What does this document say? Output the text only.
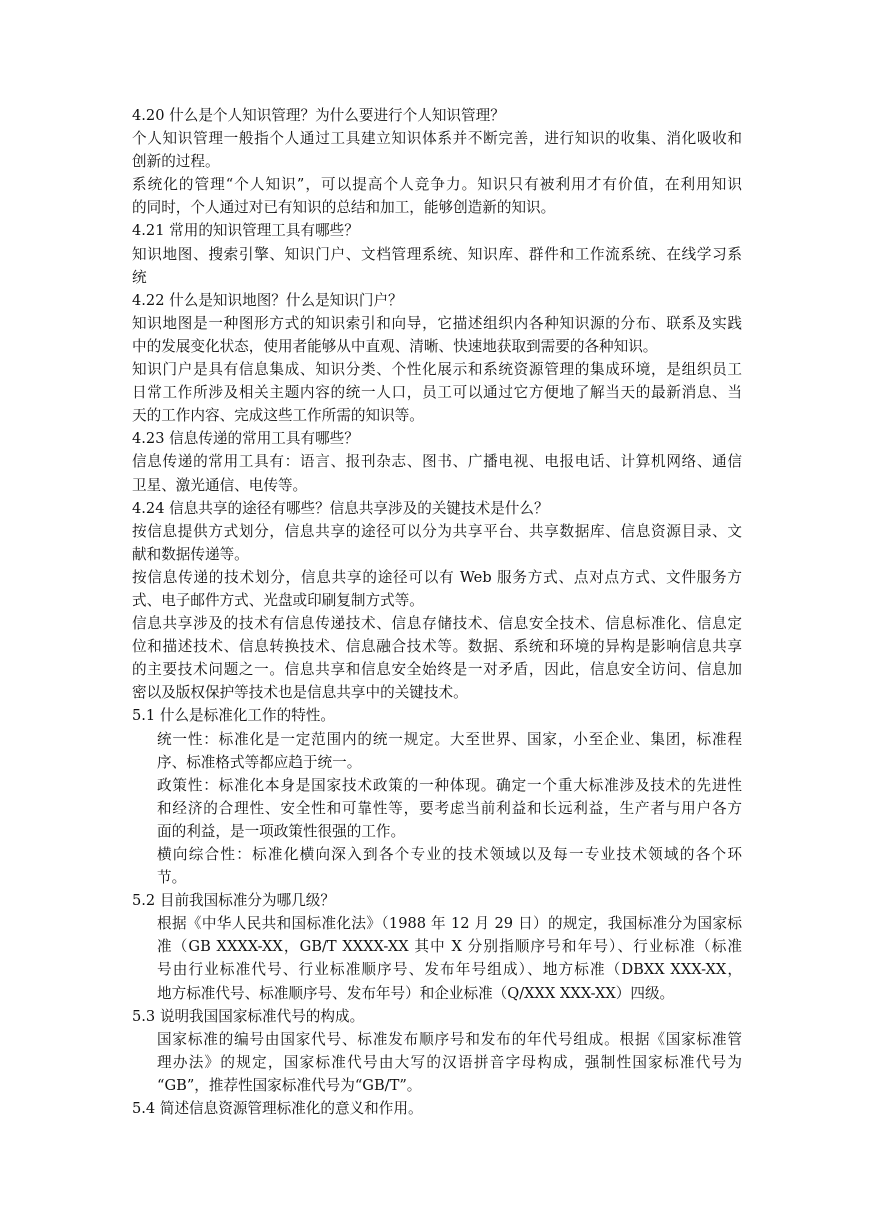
4.20 什么是个人知识管理？为什么要进行个人知识管理？
个人知识管理一般指个人通过工具建立知识体系并不断完善，进行知识的收集、消化吸收和
创新的过程。
系统化的管理“个人知识”，可以提高个人竞争力。知识只有被利用才有价值，在利用知识
的同时，个人通过对已有知识的总结和加工，能够创造新的知识。
4.21 常用的知识管理工具有哪些？
知识地图、搜索引擎、知识门户、文档管理系统、知识库、群件和工作流系统、在线学习系
统
4.22 什么是知识地图？什么是知识门户？
知识地图是一种图形方式的知识索引和向导，它描述组织内各种知识源的分布、联系及实践
中的发展变化状态，使用者能够从中直观、清晰、快速地获取到需要的各种知识。
知识门户是具有信息集成、知识分类、个性化展示和系统资源管理的集成环境，是组织员工
日常工作所涉及相关主题内容的统一人口，员工可以通过它方便地了解当天的最新消息、当
天的工作内容、完成这些工作所需的知识等。
4.23 信息传递的常用工具有哪些？
信息传递的常用工具有：语言、报刊杂志、图书、广播电视、电报电话、计算机网络、通信
卫星、激光通信、电传等。
4.24 信息共享的途径有哪些？信息共享涉及的关键技术是什么？
按信息提供方式划分，信息共享的途径可以分为共享平台、共享数据库、信息资源目录、文
献和数据传递等。
按信息传递的技术划分，信息共享的途径可以有 Web 服务方式、点对点方式、文件服务方
式、电子邮件方式、光盘或印刷复制方式等。
信息共享涉及的技术有信息传递技术、信息存储技术、信息安全技术、信息标准化、信息定
位和描述技术、信息转换技术、信息融合技术等。数据、系统和环境的异构是影响信息共享
的主要技术问题之一。信息共享和信息安全始终是一对矛盾，因此，信息安全访问、信息加
密以及版权保护等技术也是信息共享中的关键技术。
5.1 什么是标准化工作的特性。
统一性：标准化是一定范围内的统一规定。大至世界、国家，小至企业、集团，标准程
序、标准格式等都应趋于统一。
政策性：标准化本身是国家技术政策的一种体现。确定一个重大标准涉及技术的先进性
和经济的合理性、安全性和可靠性等，要考虑当前利益和长远利益，生产者与用户各方
面的利益，是一项政策性很强的工作。
横向综合性：标准化横向深入到各个专业的技术领域以及每一专业技术领域的各个环
节。
5.2 目前我国标准分为哪几级？
根据《中华人民共和国标准化法》（1988 年 12 月 29 日）的规定，我国标准分为国家标
准（GB XXXX-XX，GB/T XXXX-XX 其中 X 分别指顺序号和年号）、行业标准（标准
号由行业标准代号、行业标准顺序号、发布年号组成）、地方标准（DBXX XXX-XX，
地方标准代号、标准顺序号、发布年号）和企业标准（Q/XXX XXX-XX）四级。
5.3 说明我国国家标准代号的构成。
国家标准的编号由国家代号、标准发布顺序号和发布的年代号组成。根据《国家标准管
理办法》的规定，国家标准代号由大写的汉语拼音字母构成，强制性国家标准代号为
“GB”，推荐性国家标准代号为“GB/T”。
5.4 简述信息资源管理标准化的意义和作用。
